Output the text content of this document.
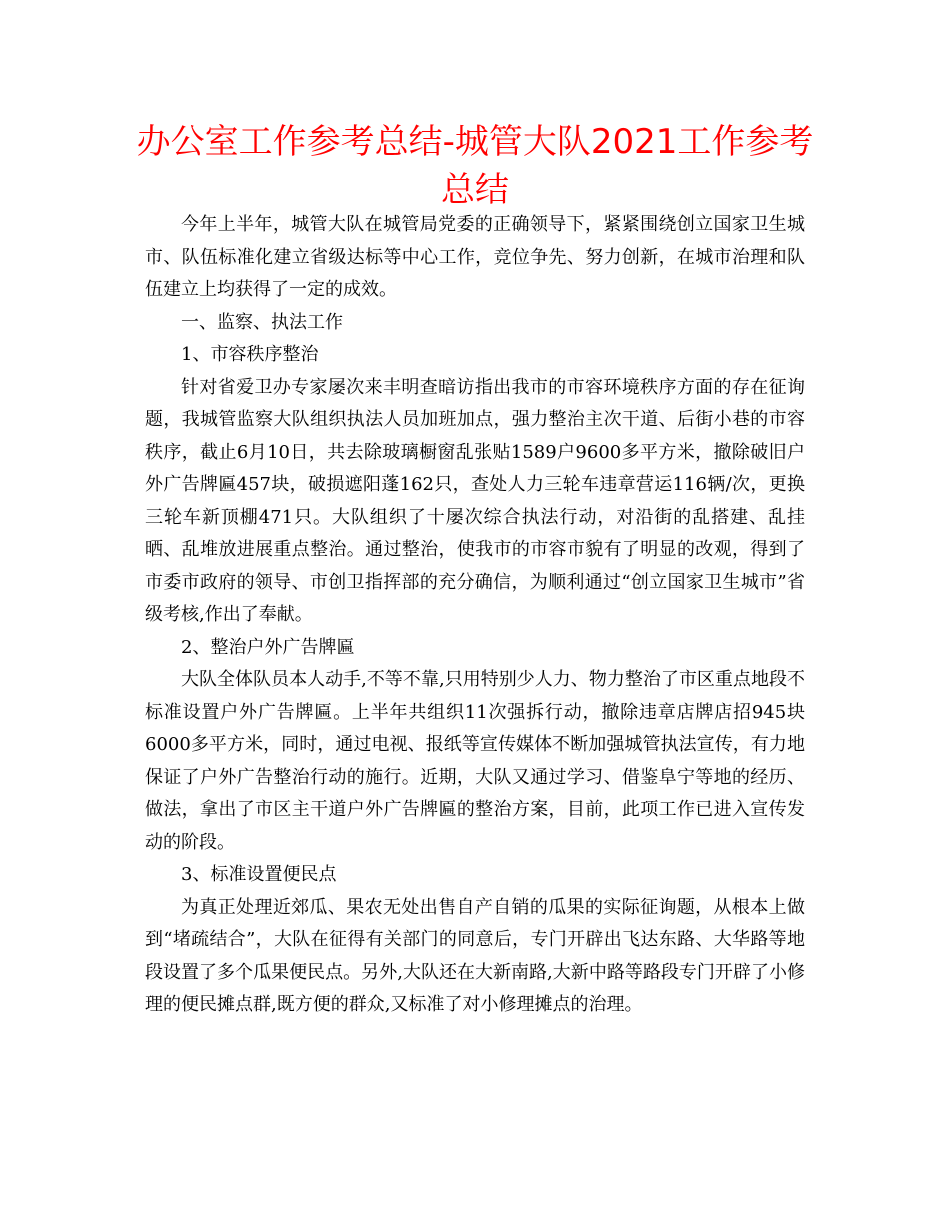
办公室工作参考总结-城管大队2021工作参考总结

今年上半年，城管大队在城管局党委的正确领导下，紧紧围绕创立国家卫生城市、队伍标准化建立省级达标等中心工作，竞位争先、努力创新，在城市治理和队伍建立上均获得了一定的成效。

一、监察、执法工作

1、市容秩序整治

针对省爱卫办专家屡次来丰明查暗访指出我市的市容环境秩序方面的存在征询题，我城管监察大队组织执法人员加班加点，强力整治主次干道、后街小巷的市容秩序，截止6月10日，共去除玻璃橱窗乱张贴1589户9600多平方米，撤除破旧户外广告牌匾457块，破损遮阳蓬162只，查处人力三轮车违章营运116辆/次，更换三轮车新顶棚471只。大队组织了十屡次综合执法行动，对沿街的乱搭建、乱挂晒、乱堆放进展重点整治。通过整治，使我市的市容市貌有了明显的改观，得到了市委市政府的领导、市创卫指挥部的充分确信，为顺利通过“创立国家卫生城市”省级考核,作出了奉献。

2、整治户外广告牌匾

大队全体队员本人动手,不等不靠,只用特别少人力、物力整治了市区重点地段不标准设置户外广告牌匾。上半年共组织11次强拆行动，撤除违章店牌店招945块6000多平方米，同时，通过电视、报纸等宣传媒体不断加强城管执法宣传，有力地保证了户外广告整治行动的施行。近期，大队又通过学习、借鉴阜宁等地的经历、做法，拿出了市区主干道户外广告牌匾的整治方案，目前，此项工作已进入宣传发动的阶段。

3、标准设置便民点

为真正处理近郊瓜、果农无处出售自产自销的瓜果的实际征询题，从根本上做到“堵疏结合”，大队在征得有关部门的同意后，专门开辟出飞达东路、大华路等地段设置了多个瓜果便民点。另外,大队还在大新南路,大新中路等路段专门开辟了小修理的便民摊点群,既方便的群众,又标准了对小修理摊点的治理。
